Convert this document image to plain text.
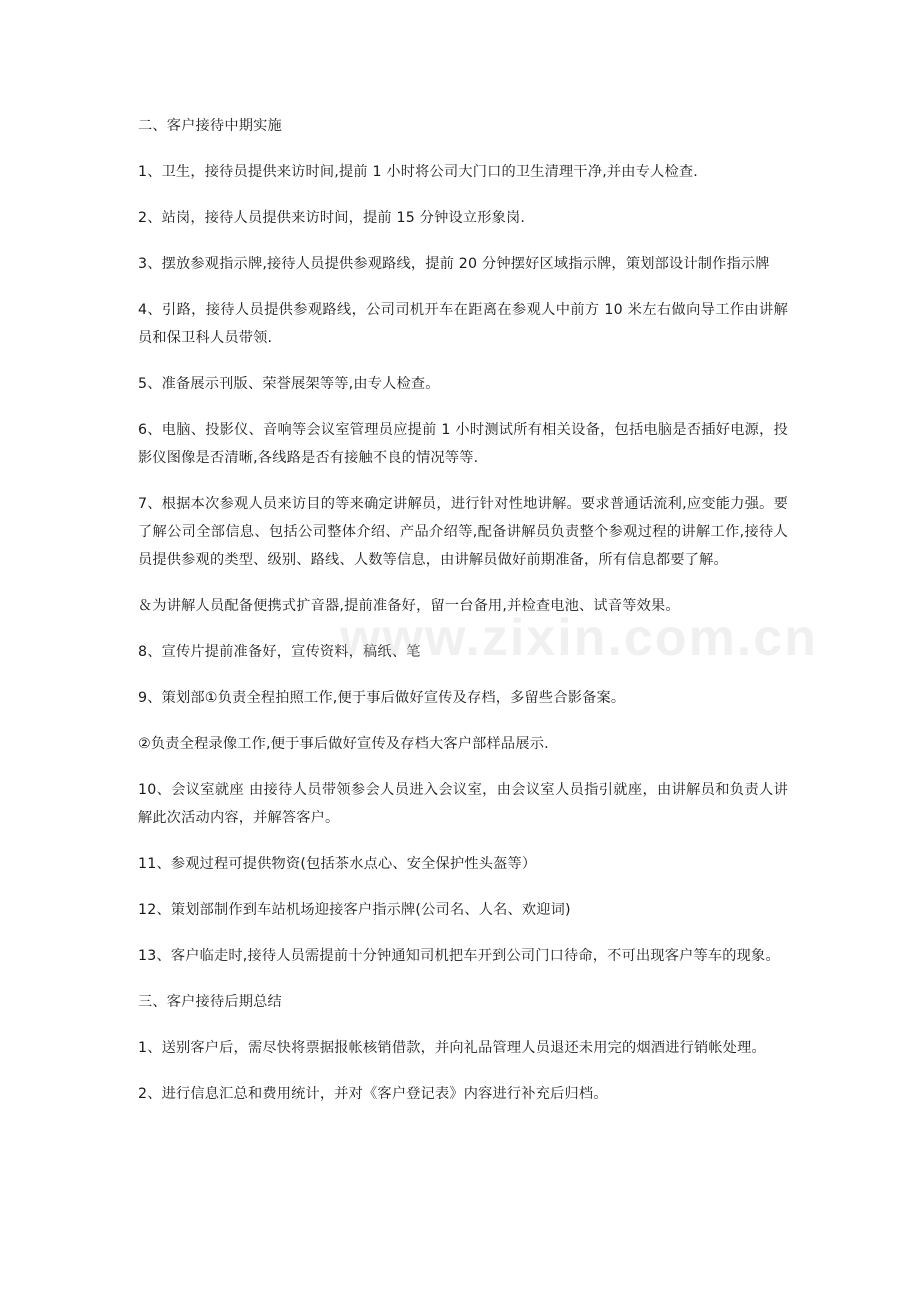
二、客户接待中期实施

1、卫生，接待员提供来访时间,提前 1 小时将公司大门口的卫生清理干净,并由专人检查.

2、站岗，接待人员提供来访时间，提前 15 分钟设立形象岗.

3、摆放参观指示牌,接待人员提供参观路线，提前 20 分钟摆好区域指示牌，策划部设计制作指示牌

4、引路，接待人员提供参观路线，公司司机开车在距离在参观人中前方 10 米左右做向导工作由讲解员和保卫科人员带领.

5、准备展示刊版、荣誉展架等等,由专人检查。

6、电脑、投影仪、音响等会议室管理员应提前 1 小时测试所有相关设备，包括电脑是否插好电源，投影仪图像是否清晰,各线路是否有接触不良的情况等等.

7、根据本次参观人员来访目的等来确定讲解员，进行针对性地讲解。要求普通话流利,应变能力强。要了解公司全部信息、包括公司整体介绍、产品介绍等,配备讲解员负责整个参观过程的讲解工作,接待人员提供参观的类型、级别、路线、人数等信息，由讲解员做好前期准备，所有信息都要了解。

＆为讲解人员配备便携式扩音器,提前准备好，留一台备用,并检查电池、试音等效果。

8、宣传片提前准备好，宣传资料，稿纸、笔

9、策划部①负责全程拍照工作,便于事后做好宣传及存档，多留些合影备案。

②负责全程录像工作,便于事后做好宣传及存档大客户部样品展示.

10、会议室就座 由接待人员带领参会人员进入会议室，由会议室人员指引就座，由讲解员和负责人讲解此次活动内容，并解答客户。

11、参观过程可提供物资(包括茶水点心、安全保护性头盔等）

12、策划部制作到车站机场迎接客户指示牌(公司名、人名、欢迎词)

13、客户临走时,接待人员需提前十分钟通知司机把车开到公司门口待命，不可出现客户等车的现象。

三、客户接待后期总结

1、送别客户后，需尽快将票据报帐核销借款，并向礼品管理人员退还未用完的烟酒进行销帐处理。

2、进行信息汇总和费用统计，并对《客户登记表》内容进行补充后归档。

www.zixin.com.cn
